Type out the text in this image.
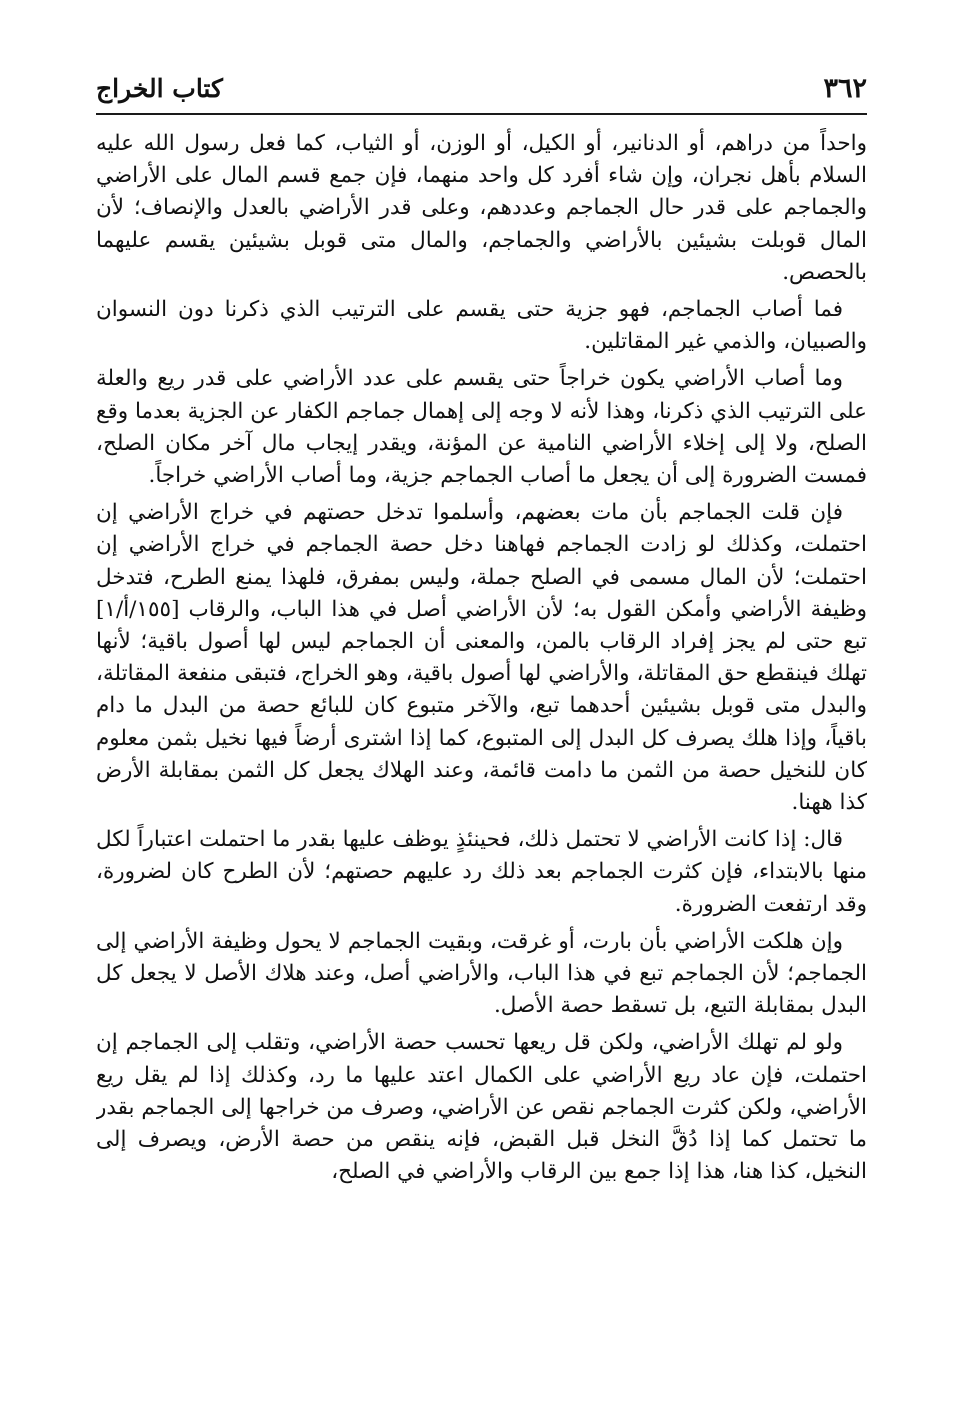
٣٦٢
كتاب الخراج

واحداً من دراهم، أو الدنانير، أو الكيل، أو الوزن، أو الثياب، كما فعل رسول الله عليه السلام بأهل نجران، وإن شاء أفرد كل واحد منهما، فإن جمع قسم المال على الأراضي والجماجم على قدر حال الجماجم وعددهم، وعلى قدر الأراضي بالعدل والإنصاف؛ لأن المال قوبلت بشيئين بالأراضي والجماجم، والمال متى قوبل بشيئين يقسم عليهما بالحصص.

فما أصاب الجماجم، فهو جزية حتى يقسم على الترتيب الذي ذكرنا دون النسوان والصبيان، والذمي غير المقاتلين.

وما أصاب الأراضي يكون خراجاً حتى يقسم على عدد الأراضي على قدر ريع والعلة على الترتيب الذي ذكرنا، وهذا لأنه لا وجه إلى إهمال جماجم الكفار عن الجزية بعدما وقع الصلح، ولا إلى إخلاء الأراضي النامية عن المؤنة، ويقدر إيجاب مال آخر مكان الصلح، فمست الضرورة إلى أن يجعل ما أصاب الجماجم جزية، وما أصاب الأراضي خراجاً.

فإن قلت الجماجم بأن مات بعضهم، وأسلموا تدخل حصتهم في خراج الأراضي إن احتملت، وكذلك لو زادت الجماجم فهاهنا دخل حصة الجماجم في خراج الأراضي إن احتملت؛ لأن المال مسمى في الصلح جملة، وليس بمفرق، فلهذا يمنع الطرح، فتدخل وظيفة الأراضي وأمكن القول به؛ لأن الأراضي أصل في هذا الباب، والرقاب [١٥٥/أ/١] تبع حتى لم يجز إفراد الرقاب بالمن، والمعنى أن الجماجم ليس لها أصول باقية؛ لأنها تهلك فينقطع حق المقاتلة، والأراضي لها أصول باقية، وهو الخراج، فتبقى منفعة المقاتلة، والبدل متى قوبل بشيئين أحدهما تبع، والآخر متبوع كان للبائع حصة من البدل ما دام باقياً، وإذا هلك يصرف كل البدل إلى المتبوع، كما إذا اشترى أرضاً فيها نخيل بثمن معلوم كان للنخيل حصة من الثمن ما دامت قائمة، وعند الهلاك يجعل كل الثمن بمقابلة الأرض كذا ههنا.

قال: إذا كانت الأراضي لا تحتمل ذلك، فحينئذٍ يوظف عليها بقدر ما احتملت اعتباراً لكل منها بالابتداء، فإن كثرت الجماجم بعد ذلك رد عليهم حصتهم؛ لأن الطرح كان لضرورة، وقد ارتفعت الضرورة.

وإن هلكت الأراضي بأن بارت، أو غرقت، وبقيت الجماجم لا يحول وظيفة الأراضي إلى الجماجم؛ لأن الجماجم تبع في هذا الباب، والأراضي أصل، وعند هلاك الأصل لا يجعل كل البدل بمقابلة التبع، بل تسقط حصة الأصل.

ولو لم تهلك الأراضي، ولكن قل ريعها تحسب حصة الأراضي، وتقلب إلى الجماجم إن احتملت، فإن عاد ريع الأراضي على الكمال اعتد عليها ما رد، وكذلك إذا لم يقل ريع الأراضي، ولكن كثرت الجماجم نقص عن الأراضي، وصرف من خراجها إلى الجماجم بقدر ما تحتمل كما إذا دُقَّ النخل قبل القبض، فإنه ينقص من حصة الأرض، ويصرف إلى النخيل، كذا هنا، هذا إذا جمع بين الرقاب والأراضي في الصلح،
